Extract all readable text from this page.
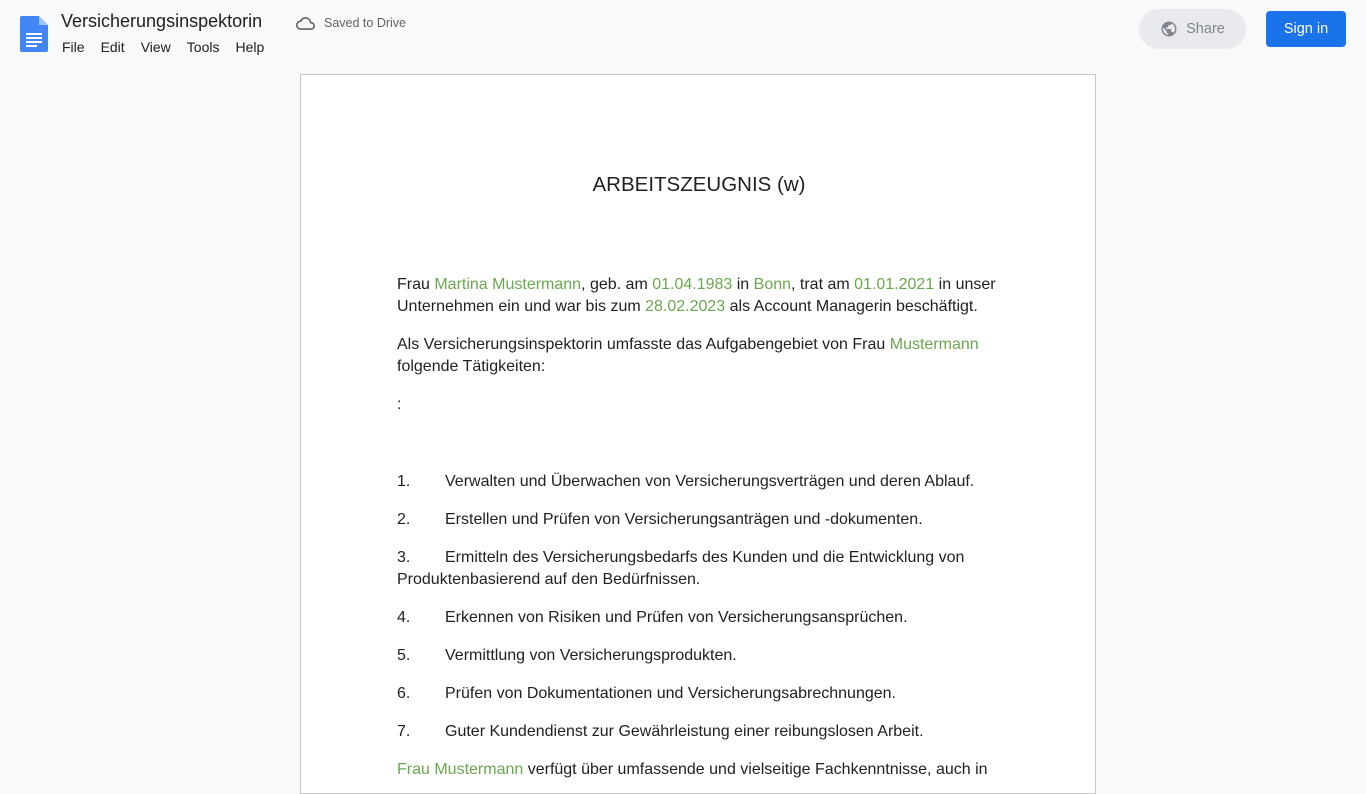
Versicherungsinspektorin	Saved to Drive
File	Edit	View	Tools	Help
Share	Sign in
ARBEITSZEUGNIS (w)
Frau Martina Mustermann, geb. am 01.04.1983 in Bonn, trat am 01.01.2021 in unser Unternehmen ein und war bis zum 28.02.2023 als Account Managerin beschäftigt.
Als Versicherungsinspektorin umfasste das Aufgabengebiet von Frau Mustermann folgende Tätigkeiten:
:
1. Verwalten und Überwachen von Versicherungsverträgen und deren Ablauf.
2. Erstellen und Prüfen von Versicherungsanträgen und -dokumenten.
3. Ermitteln des Versicherungsbedarfs des Kunden und die Entwicklung von Produktenbasierend auf den Bedürfnissen.
4. Erkennen von Risiken und Prüfen von Versicherungsansprüchen.
5. Vermittlung von Versicherungsprodukten.
6. Prüfen von Dokumentationen und Versicherungsabrechnungen.
7. Guter Kundendienst zur Gewährleistung einer reibungslosen Arbeit.
Frau Mustermann verfügt über umfassende und vielseitige Fachkenntnisse, auch in
